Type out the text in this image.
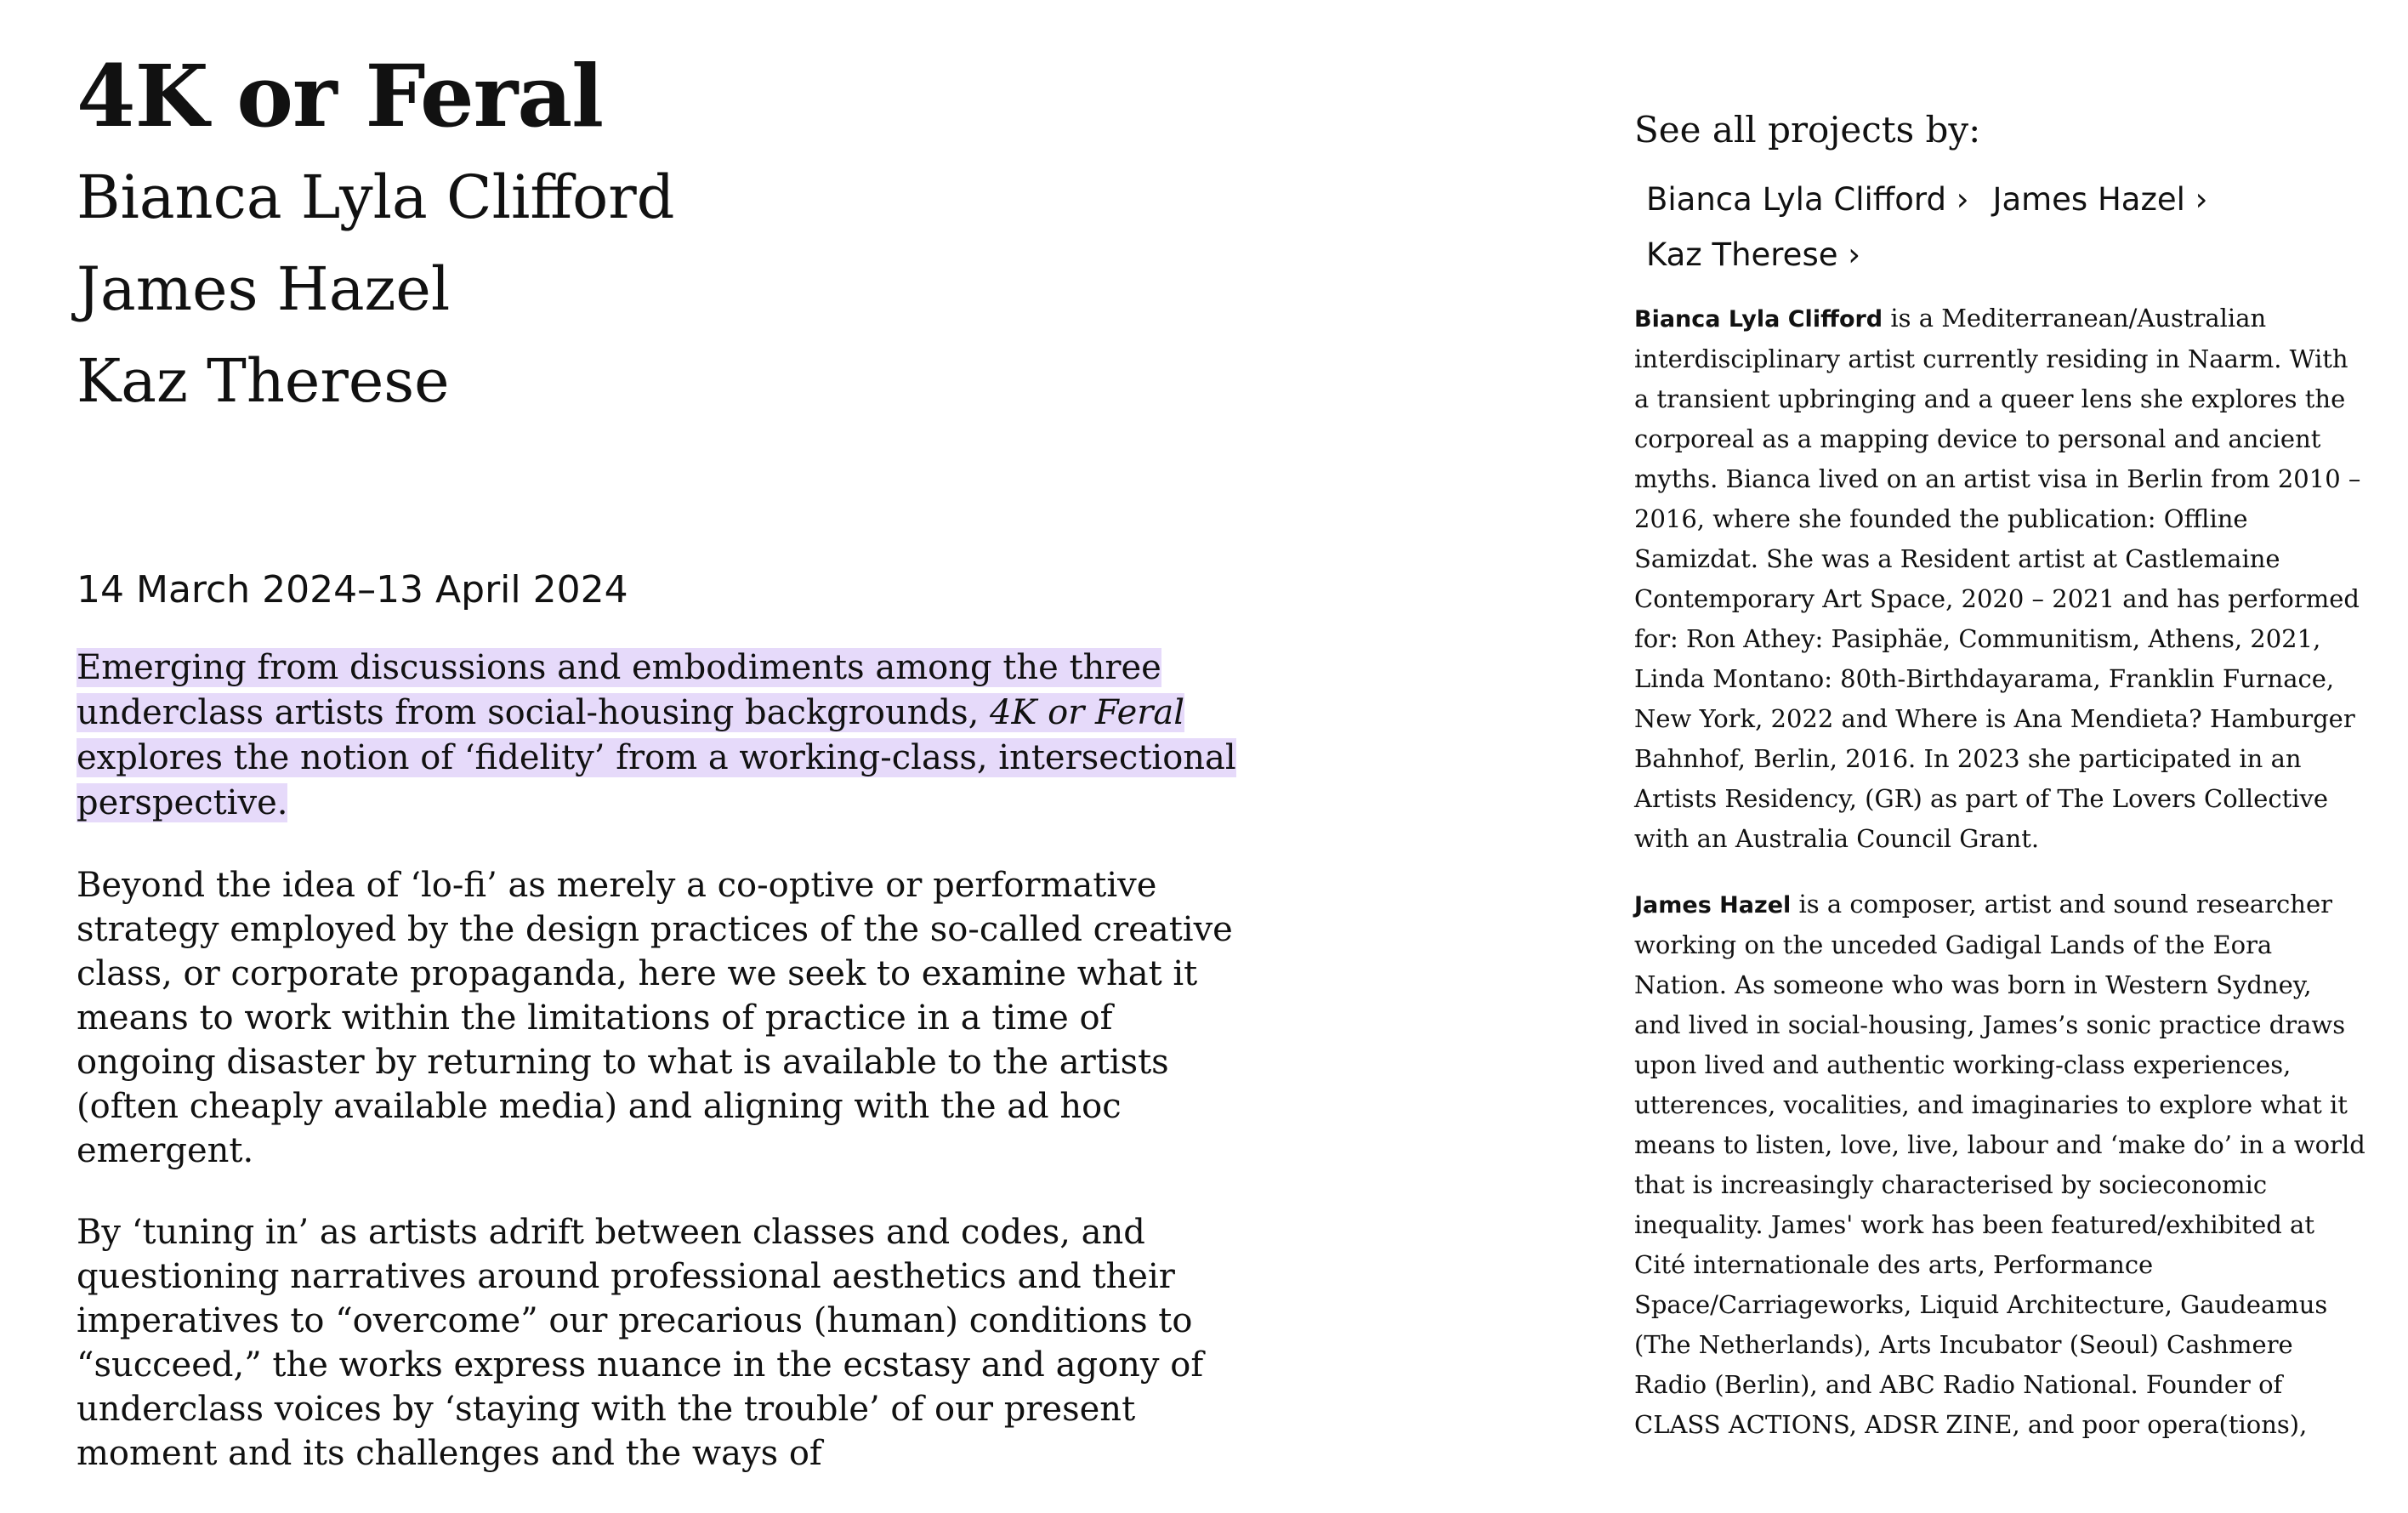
4K or Feral
Bianca Lyla Clifford
James Hazel
Kaz Therese
14 March 2024–13 April 2024

Emerging from discussions and embodiments among the three underclass artists from social-housing backgrounds, 4K or Feral explores the notion of ‘fidelity’ from a working-class, intersectional perspective.

Beyond the idea of ‘lo-fi’ as merely a co-optive or performative strategy employed by the design practices of the so-called creative class, or corporate propaganda, here we seek to examine what it means to work within the limitations of practice in a time of ongoing disaster by returning to what is available to the artists (often cheaply available media) and aligning with the ad hoc emergent.

By ‘tuning in’ as artists adrift between classes and codes, and questioning narratives around professional aesthetics and their imperatives to “overcome” our precarious (human) conditions to “succeed,” the works express nuance in the ecstasy and agony of underclass voices by ‘staying with the trouble’ of our present moment and its challenges and the ways of

See all projects by:
Bianca Lyla Clifford › James Hazel ›
Kaz Therese ›

Bianca Lyla Clifford is a Mediterranean/Australian interdisciplinary artist currently residing in Naarm. With a transient upbringing and a queer lens she explores the corporeal as a mapping device to personal and ancient myths. Bianca lived on an artist visa in Berlin from 2010 – 2016, where she founded the publication: Offline Samizdat. She was a Resident artist at Castlemaine Contemporary Art Space, 2020 – 2021 and has performed for: Ron Athey: Pasiphäe, Communitism, Athens, 2021, Linda Montano: 80th-Birthdayarama, Franklin Furnace, New York, 2022 and Where is Ana Mendieta? Hamburger Bahnhof, Berlin, 2016. In 2023 she participated in an Artists Residency, (GR) as part of The Lovers Collective with an Australia Council Grant.

James Hazel is a composer, artist and sound researcher working on the unceded Gadigal Lands of the Eora Nation. As someone who was born in Western Sydney, and lived in social-housing, James’s sonic practice draws upon lived and authentic working-class experiences, utterences, vocalities, and imaginaries to explore what it means to listen, love, live, labour and ‘make do’ in a world that is increasingly characterised by socieconomic inequality. James' work has been featured/exhibited at Cité internationale des arts, Performance Space/Carriageworks, Liquid Architecture, Gaudeamus (The Netherlands), Arts Incubator (Seoul) Cashmere Radio (Berlin), and ABC Radio National. Founder of CLASS ACTIONS, ADSR ZINE, and poor opera(tions),
